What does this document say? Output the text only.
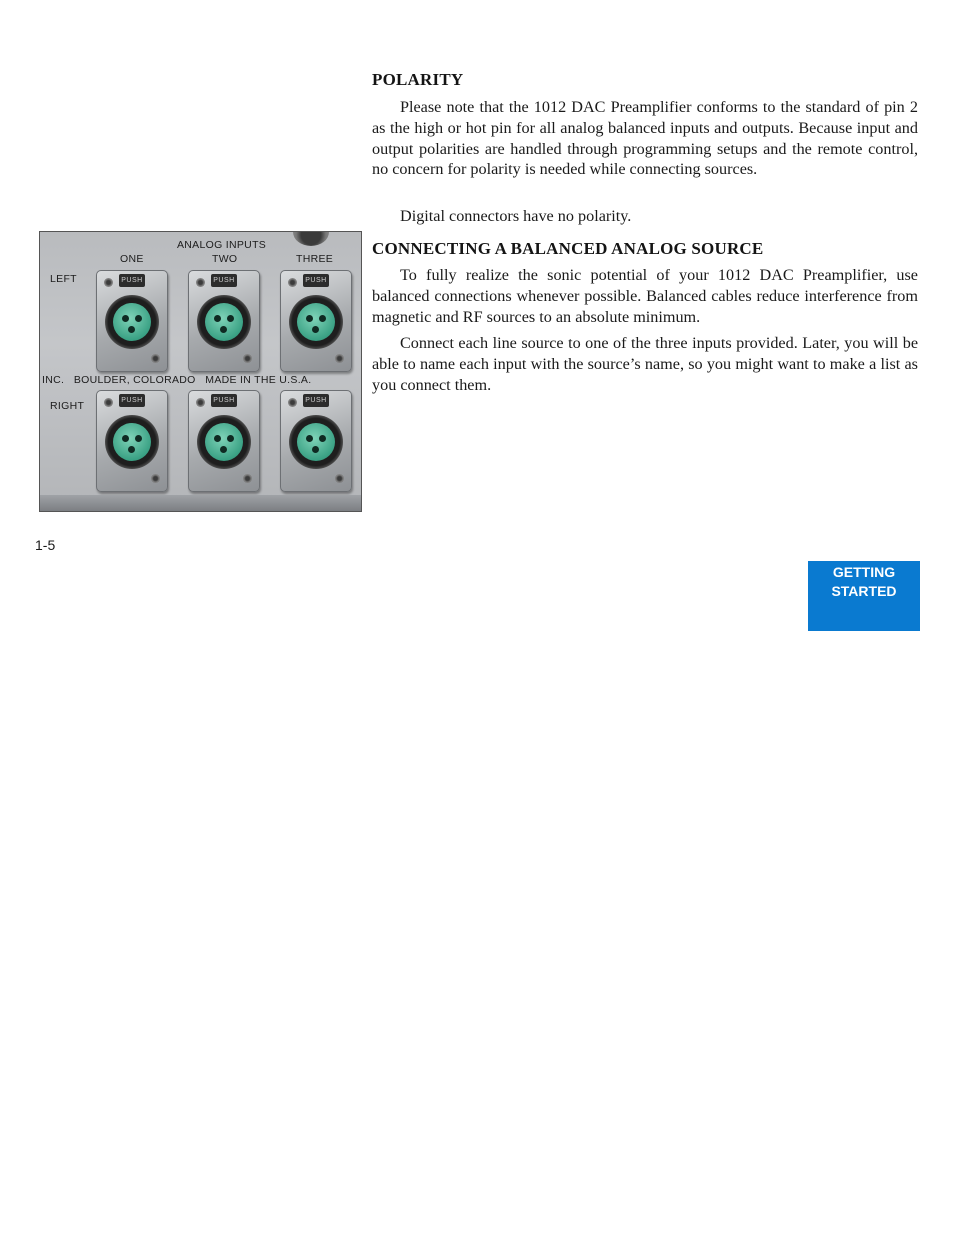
POLARITY

Please note that the 1012 DAC Preamplifier conforms to the standard of pin 2 as the high or hot pin for all analog balanced inputs and outputs. Because input and output polarities are handled through programming setups and the remote control, no concern for polarity is needed while connecting sources.

Digital connectors have no polarity.

CONNECTING A BALANCED ANALOG SOURCE

To fully realize the sonic potential of your 1012 DAC Preamplifier, use balanced connections whenever possible. Balanced cables reduce interference from magnetic and RF sources to an absolute minimum.

Connect each line source to one of the three inputs provided. Later, you will be able to name each input with the source’s name, so you might want to make a list as you connect them.

ANALOG INPUTS

ONE	TWO	THREE

LEFT

INC.   BOULDER, COLORADO   MADE IN THE U.S.A.

RIGHT

PUSH	PUSH	PUSH
PUSH	PUSH	PUSH

1-5

GETTING
STARTED
